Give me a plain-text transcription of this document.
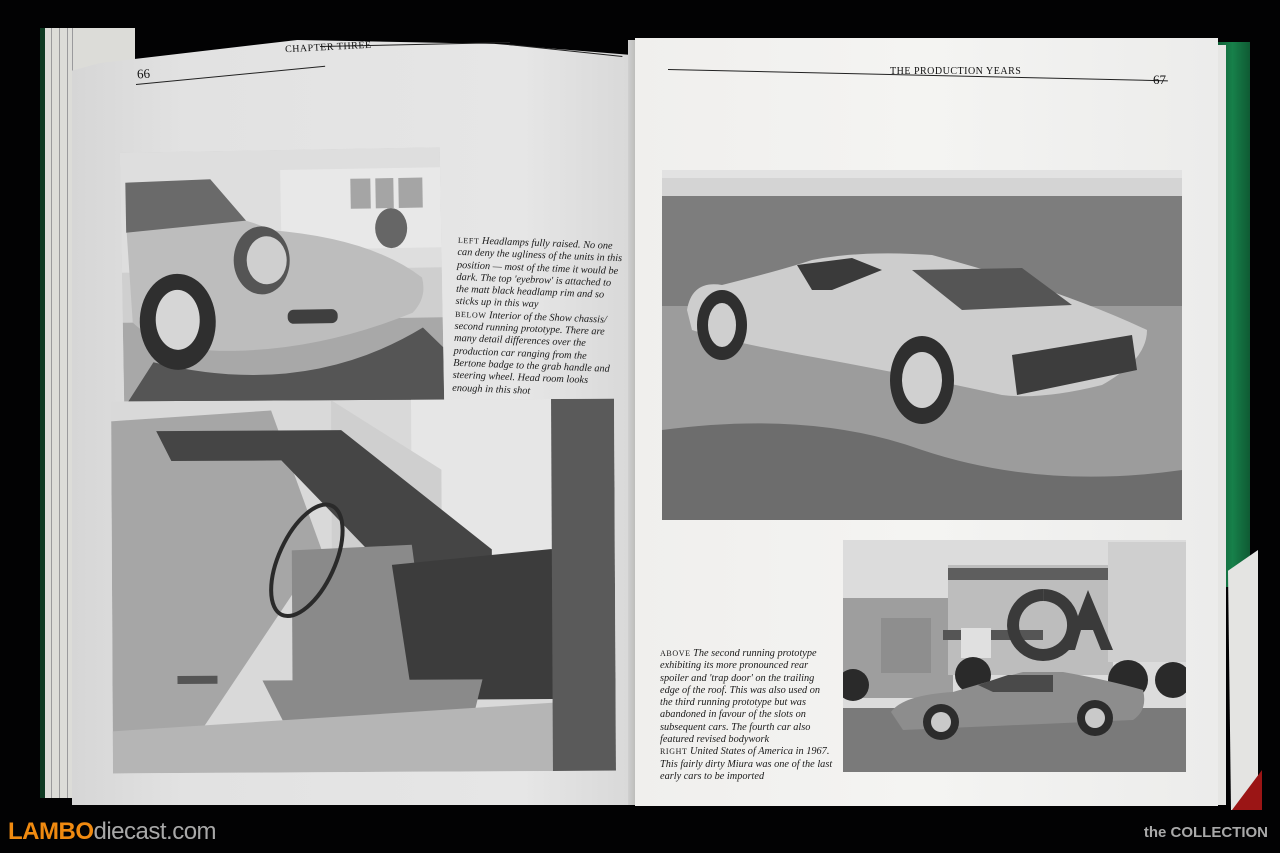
66
CHAPTER THREE
LEFT Headlamps fully raised. No one can deny the ugliness of the units in this position — most of the time it would be dark. The top 'eyebrow' is attached to the matt black headlamp rim and so sticks up in this way
BELOW Interior of the Show chassis/ second running prototype. There are many detail differences over the production car ranging from the Bertone badge to the grab handle and steering wheel. Head room looks enough in this shot
THE PRODUCTION YEARS
67
ABOVE The second running prototype exhibiting its more pronounced rear spoiler and 'trap door' on the trailing edge of the roof. This was also used on the third running prototype but was abandoned in favour of the slots on subsequent cars. The fourth car also featured revised bodywork
RIGHT United States of America in 1967. This fairly dirty Miura was one of the last early cars to be imported
LAMBOdiecast.com	the COLLECTION
